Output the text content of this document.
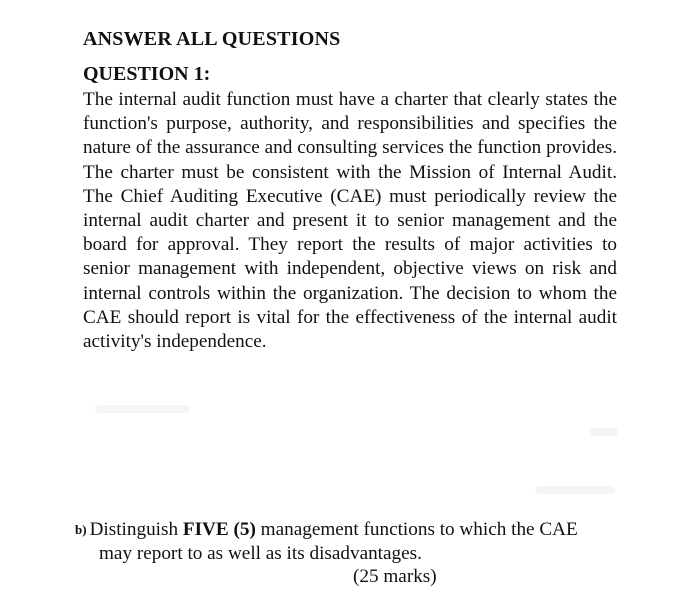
ANSWER ALL QUESTIONS
QUESTION 1:

The internal audit function must have a charter that clearly states the function's purpose, authority, and responsibilities and specifies the nature of the assurance and consulting services the function provides. The charter must be consistent with the Mission of Internal Audit. The Chief Auditing Executive (CAE) must periodically review the internal audit charter and present it to senior management and the board for approval. They report the results of major activities to senior management with independent, objective views on risk and internal controls within the organization. The decision to whom the CAE should report is vital for the effectiveness of the internal audit activity's independence.

b) Distinguish FIVE (5) management functions to which the CAE
may report to as well as its disadvantages.

(25 marks)
